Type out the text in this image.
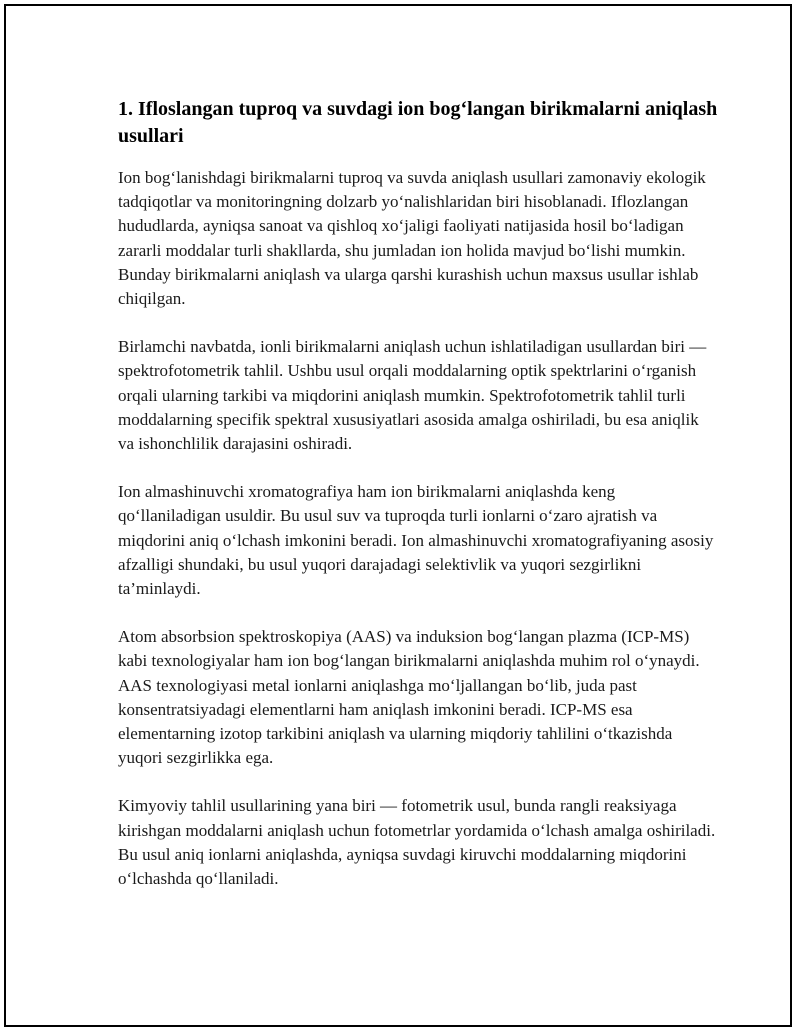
1. Ifloslangan tuproq va suvdagi ion bog‘langan birikmalarni aniqlash usullari

Ion bog‘lanishdagi birikmalarni tuproq va suvda aniqlash usullari zamonaviy ekologik tadqiqotlar va monitoringning dolzarb yo‘nalishlaridan biri hisoblanadi. Iflozlangan hududlarda, ayniqsa sanoat va qishloq xo‘jaligi faoliyati natijasida hosil bo‘ladigan zararli moddalar turli shakllarda, shu jumladan ion holida mavjud bo‘lishi mumkin. Bunday birikmalarni aniqlash va ularga qarshi kurashish uchun maxsus usullar ishlab chiqilgan.

Birlamchi navbatda, ionli birikmalarni aniqlash uchun ishlatiladigan usullardan biri — spektrofotometrik tahlil. Ushbu usul orqali moddalarning optik spektrlarini o‘rganish orqali ularning tarkibi va miqdorini aniqlash mumkin. Spektrofotometrik tahlil turli moddalarning specifik spektral xususiyatlari asosida amalga oshiriladi, bu esa aniqlik va ishonchlilik darajasini oshiradi.

Ion almashinuvchi xromatografiya ham ion birikmalarni aniqlashda keng qo‘llaniladigan usuldir. Bu usul suv va tuproqda turli ionlarni o‘zaro ajratish va miqdorini aniq o‘lchash imkonini beradi. Ion almashinuvchi xromatografiyaning asosiy afzalligi shundaki, bu usul yuqori darajadagi selektivlik va yuqori sezgirlikni ta’minlaydi.

Atom absorbsion spektroskopiya (AAS) va induksion bog‘langan plazma (ICP-MS) kabi texnologiyalar ham ion bog‘langan birikmalarni aniqlashda muhim rol o‘ynaydi. AAS texnologiyasi metal ionlarni aniqlashga mo‘ljallangan bo‘lib, juda past konsentratsiyadagi elementlarni ham aniqlash imkonini beradi. ICP-MS esa elementarning izotop tarkibini aniqlash va ularning miqdoriy tahlilini o‘tkazishda yuqori sezgirlikka ega.

Kimyoviy tahlil usullarining yana biri — fotometrik usul, bunda rangli reaksiyaga kirishgan moddalarni aniqlash uchun fotometrlar yordamida o‘lchash amalga oshiriladi. Bu usul aniq ionlarni aniqlashda, ayniqsa suvdagi kiruvchi moddalarning miqdorini o‘lchashda qo‘llaniladi.
